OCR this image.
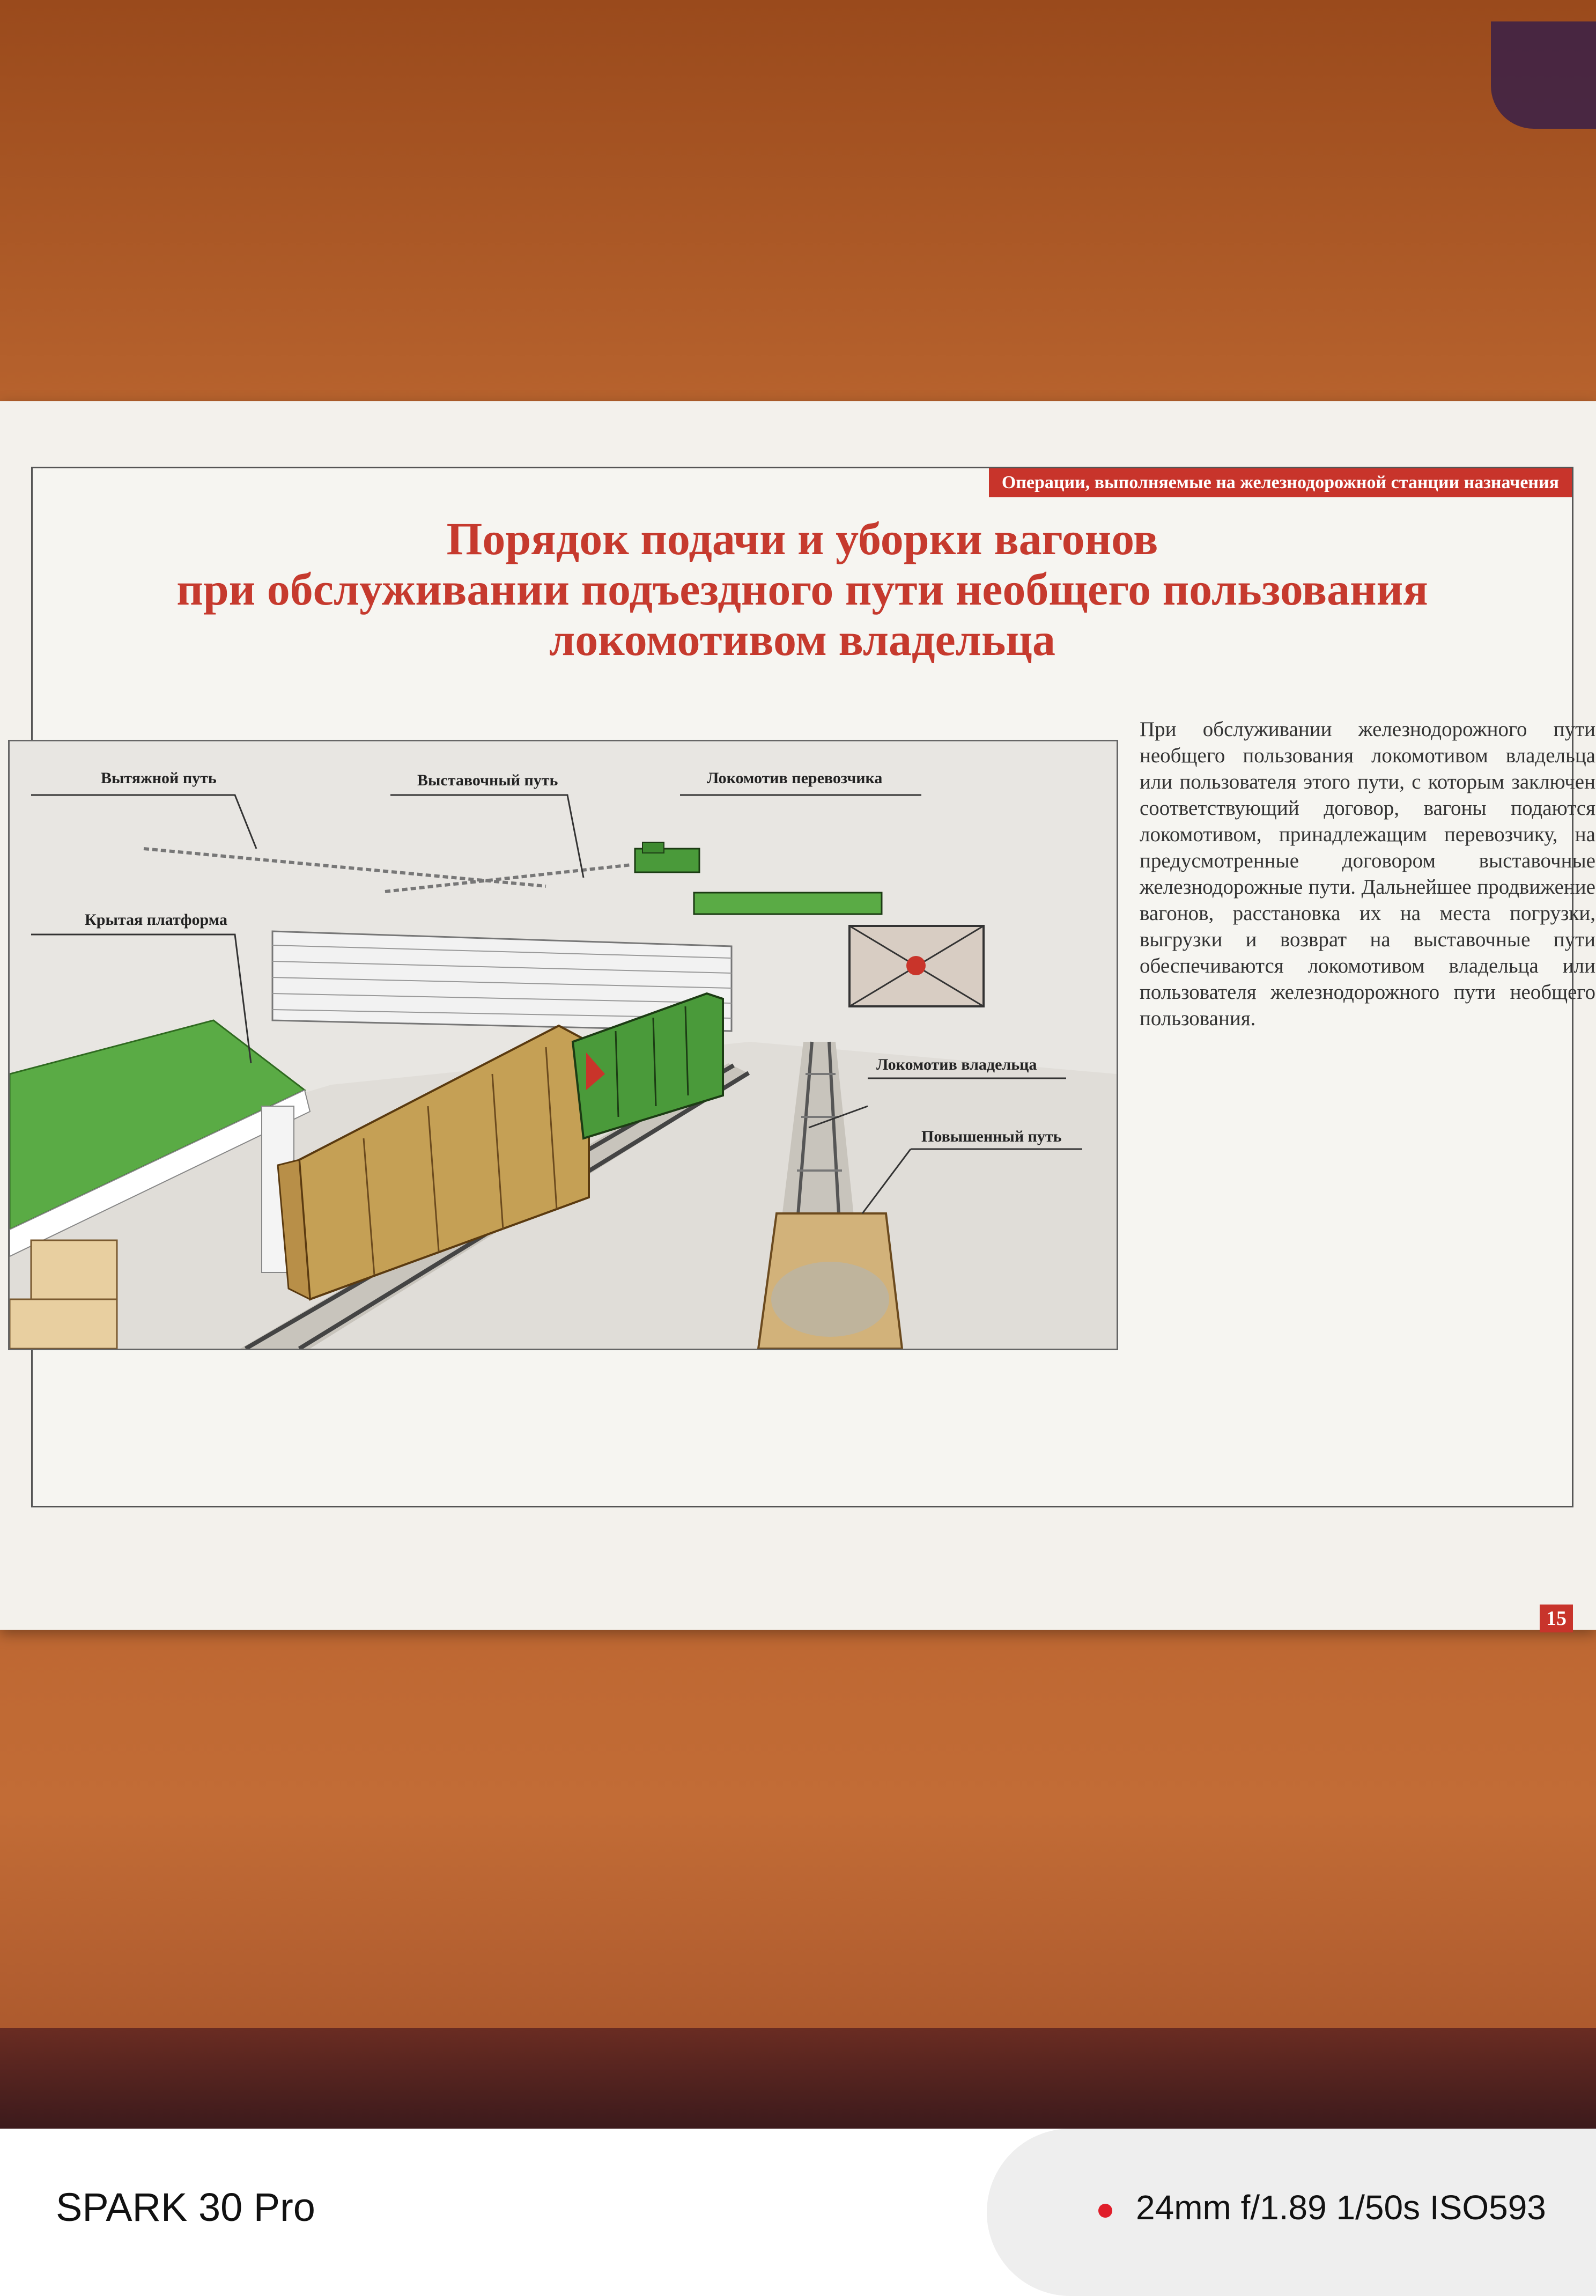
Операции, выполняемые на железнодорожной станции назначения
Порядок подачи и уборки вагонов
при обслуживании подъездного пути необщего пользования
локомотивом владельца
Вытяжной путь	Выставочный путь	Локомотив перевозчика
Крытая платформа
Локомотив владельца
Повышенный путь
При обслуживании железнодорожного пути необщего пользования локомотивом владельца или пользователя этого пути, с которым заключен соответствующий договор, вагоны подаются локомотивом, принадлежащим перевозчику, на предусмотренные договором выставочные железнодорожные пути. Дальнейшее продвижение вагонов, расстановка их на места погрузки, выгрузки и возврат на выставочные пути обеспечиваются локомотивом владельца или пользователя железнодорожного пути необщего пользования.
15
SPARK 30 Pro	24mm f/1.89 1/50s ISO593
